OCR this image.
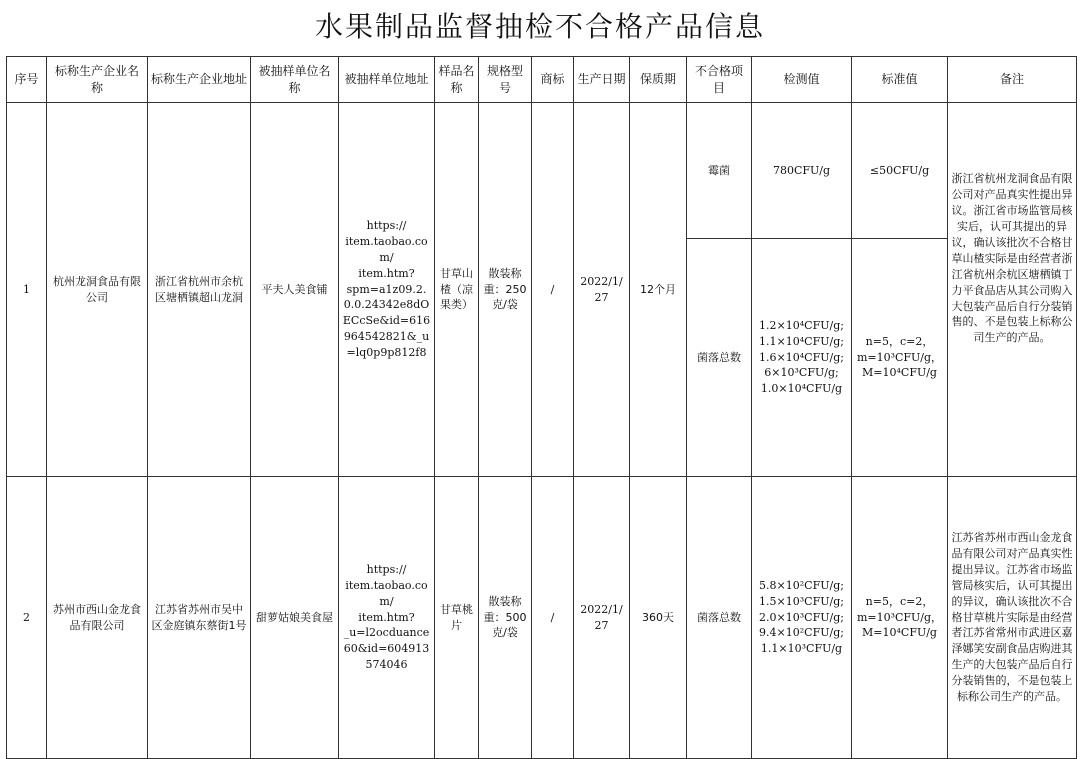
水果制品监督抽检不合格产品信息
序号	标称生产企业名称	标称生产企业地址	被抽样单位名称	被抽样单位地址	样品名称	规格型号	商标	生产日期	保质期	不合格项目	检测值	标准值	备注
1	杭州龙洞食品有限公司	浙江省杭州市余杭区塘栖镇超山龙洞	平夫人美食铺	https://
item.taobao.com/
item.htm?
spm=a1z09.2.0.0.24342e8dOECcSe&id=616964542821&_u=lq0p9p812f8	甘草山楂（凉果类）	散装称重：250克/袋	/	2022/1/27	12个月	霉菌	780CFU/g	≤50CFU/g	浙江省杭州龙洞食品有限公司对产品真实性提出异议。浙江省市场监管局核实后，认可其提出的异议，确认该批次不合格甘草山楂实际是由经营者浙江省杭州余杭区塘栖镇丁力平食品店从其公司购入大包装产品后自行分装销售的、不是包装上标称公司生产的产品。
										菌落总数	1.2×10⁴CFU/g;
1.1×10⁴CFU/g;
1.6×10⁴CFU/g;
6×10³CFU/g;
1.0×10⁴CFU/g	n=5，c=2，
m=10³CFU/g，
M=10⁴CFU/g	
2	苏州市西山金龙食品有限公司	江苏省苏州市吴中区金庭镇东蔡街1号	甜萝姑娘美食屋	https://
item.taobao.com/
item.htm?
_u=l2ocduance60&id=604913574046	甘草桃片	散装称重：500克/袋	/	2022/1/27	360天	菌落总数	5.8×10²CFU/g;
1.5×10³CFU/g;
2.0×10³CFU/g;
9.4×10²CFU/g;
1.1×10³CFU/g	n=5，c=2，
m=10³CFU/g，
M=10⁴CFU/g	江苏省苏州市西山金龙食品有限公司对产品真实性提出异议。江苏省市场监管局核实后，认可其提出的异议，确认该批次不合格甘草桃片实际是由经营者江苏省常州市武进区嘉泽娜笑安副食品店购进其生产的大包装产品后自行分装销售的，不是包装上标称公司生产的产品。
